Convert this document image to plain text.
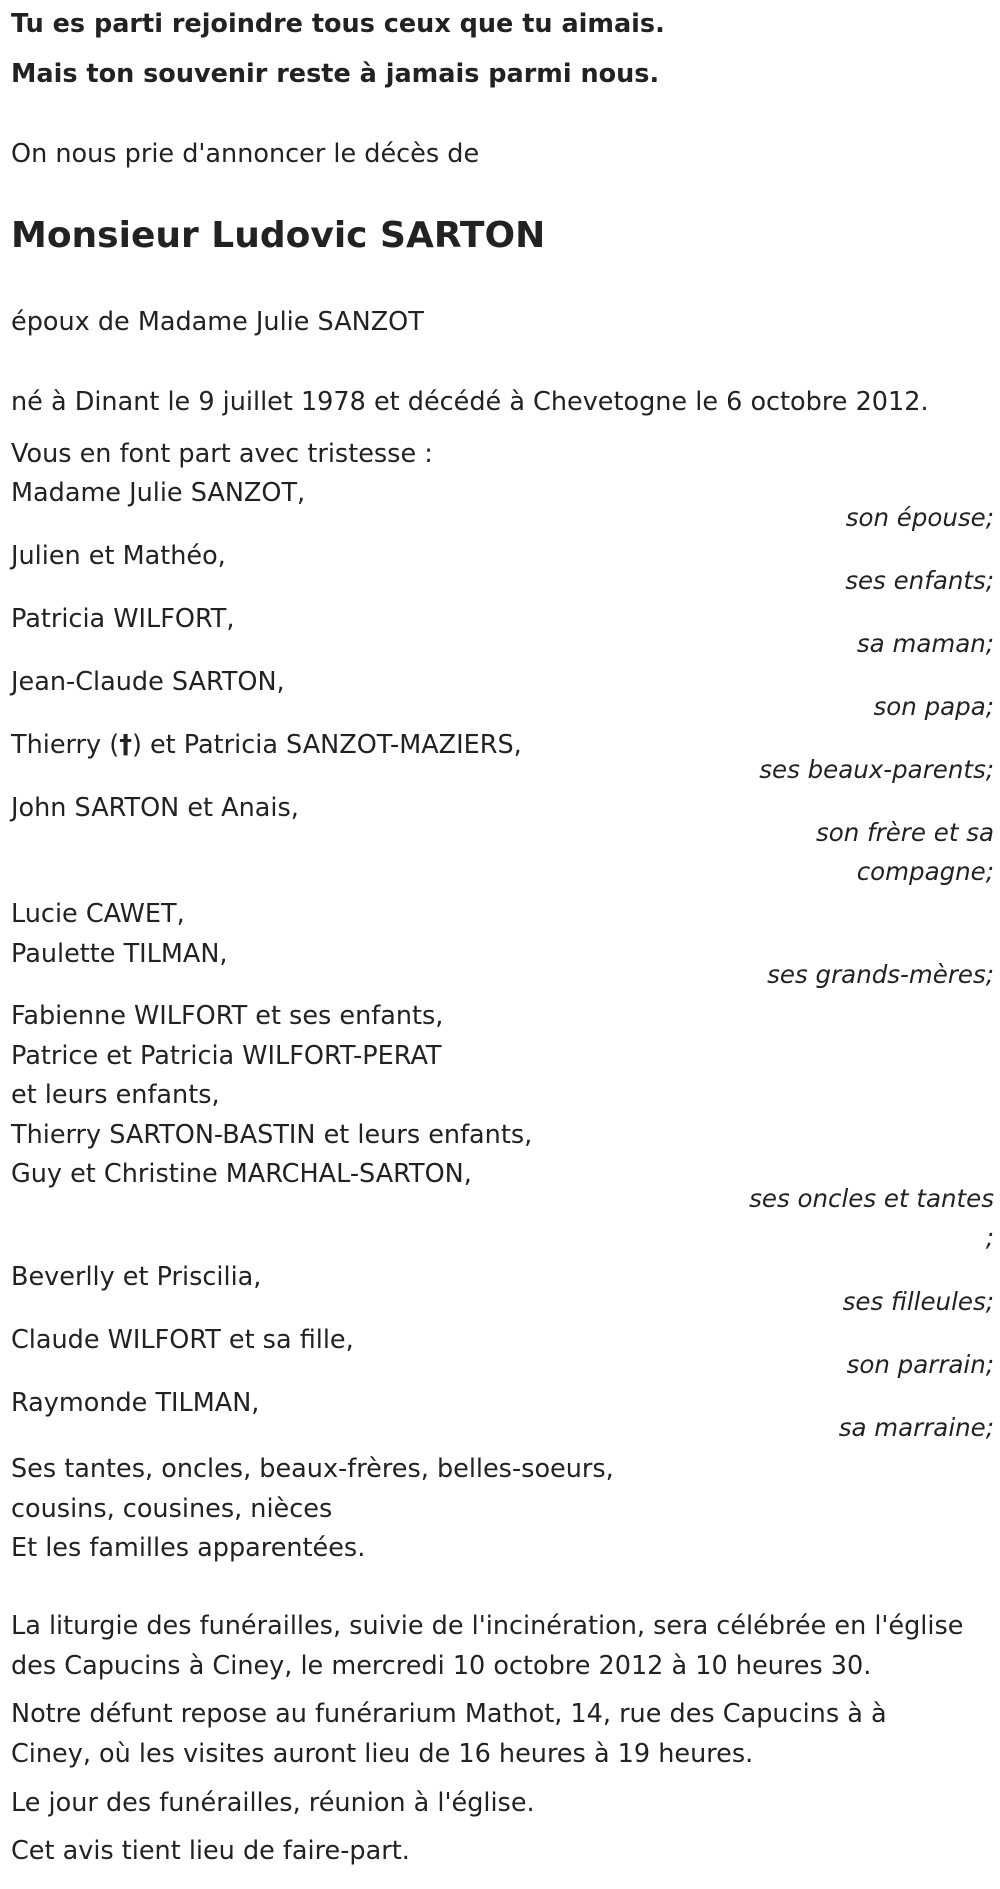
Tu es parti rejoindre tous ceux que tu aimais.
Mais ton souvenir reste à jamais parmi nous.
On nous prie d'annoncer le décès de
Monsieur Ludovic SARTON
époux de Madame Julie SANZOT
né à Dinant le 9 juillet 1978 et décédé à Chevetogne le 6 octobre 2012.
Vous en font part avec tristesse :
Madame Julie SANZOT,
son épouse;
Julien et Mathéo,
ses enfants;
Patricia WILFORT,
sa maman;
Jean-Claude SARTON,
son papa;
Thierry (†) et Patricia SANZOT-MAZIERS,
ses beaux-parents;
John SARTON et Anais,
son frère et sa
compagne;
Lucie CAWET,
Paulette TILMAN,
ses grands-mères;
Fabienne WILFORT et ses enfants,
Patrice et Patricia WILFORT-PERAT
et leurs enfants,
Thierry SARTON-BASTIN et leurs enfants,
Guy et Christine MARCHAL-SARTON,
ses oncles et tantes
;
Beverlly et Priscilia,
ses filleules;
Claude WILFORT et sa fille,
son parrain;
Raymonde TILMAN,
sa marraine;
Ses tantes, oncles, beaux-frères, belles-soeurs,
cousins, cousines, nièces
Et les familles apparentées.
La liturgie des funérailles, suivie de l'incinération, sera célébrée en l'église
des Capucins à Ciney, le mercredi 10 octobre 2012 à 10 heures 30.
Notre défunt repose au funérarium Mathot, 14, rue des Capucins à à
Ciney, où les visites auront lieu de 16 heures à 19 heures.
Le jour des funérailles, réunion à l'église.
Cet avis tient lieu de faire-part.
